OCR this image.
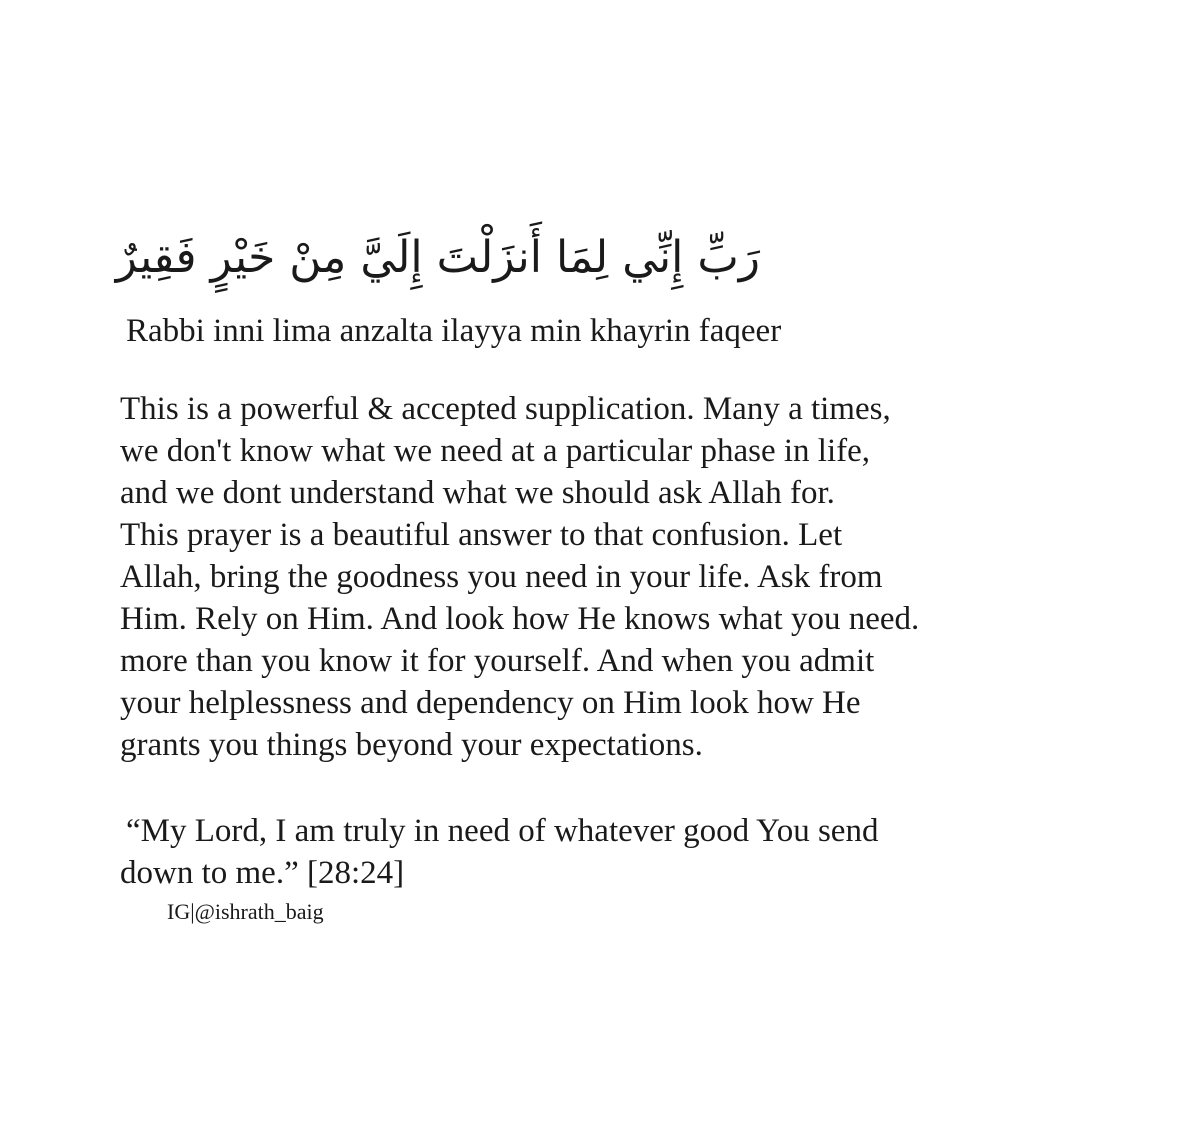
رَبِّ إِنِّي لِمَا أَنزَلْتَ إِلَيَّ مِنْ خَيْرٍ فَقِيرٌ
Rabbi inni lima anzalta ilayya min khayrin faqeer
This is a powerful & accepted supplication. Many a times,
we don't know what we need at a particular phase in life,
and we dont understand what we should ask Allah for.
This prayer is a beautiful answer to that confusion. Let
Allah, bring the goodness you need in your life. Ask from
Him. Rely on Him. And look how He knows what you need.
more than you know it for yourself. And when you admit
your helplessness and dependency on Him look how He
grants you things beyond your expectations.
“My Lord, I am truly in need of whatever good You send
down to me.” [28:24]
IG|@ishrath_baig
